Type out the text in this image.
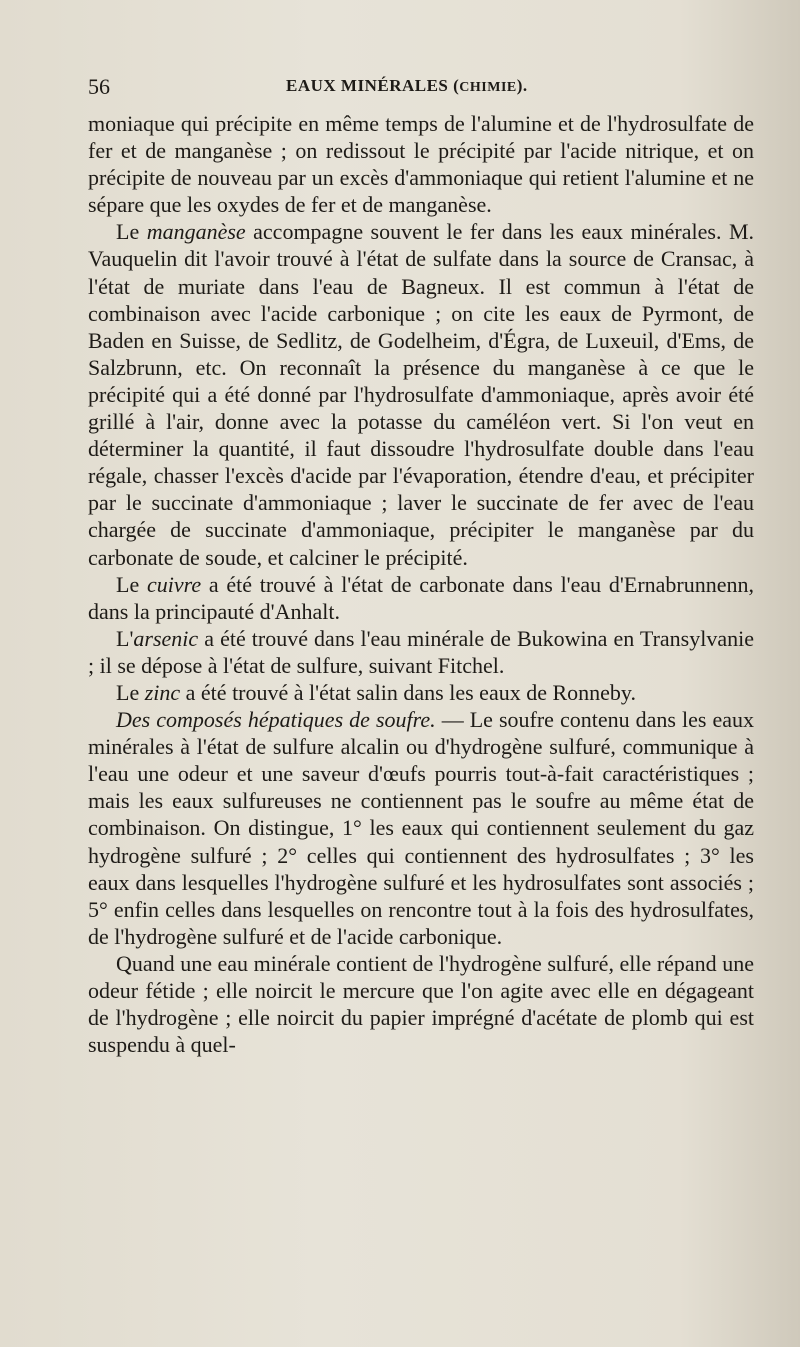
56	EAUX MINÉRALES (CHIMIE).

moniaque qui précipite en même temps de l'alumine et de l'hydrosulfate de fer et de manganèse ; on redissout le précipité par l'acide nitrique, et on précipite de nouveau par un excès d'ammoniaque qui retient l'alumine et ne sépare que les oxydes de fer et de manganèse.

Le manganèse accompagne souvent le fer dans les eaux minérales. M. Vauquelin dit l'avoir trouvé à l'état de sulfate dans la source de Cransac, à l'état de muriate dans l'eau de Bagneux. Il est commun à l'état de combinaison avec l'acide carbonique ; on cite les eaux de Pyrmont, de Baden en Suisse, de Sedlitz, de Godelheim, d'Égra, de Luxeuil, d'Ems, de Salzbrunn, etc. On reconnaît la présence du manganèse à ce que le précipité qui a été donné par l'hydrosulfate d'ammoniaque, après avoir été grillé à l'air, donne avec la potasse du caméléon vert. Si l'on veut en déterminer la quantité, il faut dissoudre l'hydrosulfate double dans l'eau régale, chasser l'excès d'acide par l'évaporation, étendre d'eau, et précipiter par le succinate d'ammoniaque ; laver le succinate de fer avec de l'eau chargée de succinate d'ammoniaque, précipiter le manganèse par du carbonate de soude, et calciner le précipité.

Le cuivre a été trouvé à l'état de carbonate dans l'eau d'Ernabrunnenn, dans la principauté d'Anhalt.

L'arsenic a été trouvé dans l'eau minérale de Bukowina en Transylvanie ; il se dépose à l'état de sulfure, suivant Fitchel.

Le zinc a été trouvé à l'état salin dans les eaux de Ronneby.

Des composés hépatiques de soufre. — Le soufre contenu dans les eaux minérales à l'état de sulfure alcalin ou d'hydrogène sulfuré, communique à l'eau une odeur et une saveur d'œufs pourris tout-à-fait caractéristiques ; mais les eaux sulfureuses ne contiennent pas le soufre au même état de combinaison. On distingue, 1° les eaux qui contiennent seulement du gaz hydrogène sulfuré ; 2° celles qui contiennent des hydrosulfates ; 3° les eaux dans lesquelles l'hydrogène sulfuré et les hydrosulfates sont associés ; 5° enfin celles dans lesquelles on rencontre tout à la fois des hydrosulfates, de l'hydrogène sulfuré et de l'acide carbonique.

Quand une eau minérale contient de l'hydrogène sulfuré, elle répand une odeur fétide ; elle noircit le mercure que l'on agite avec elle en dégageant de l'hydrogène ; elle noircit du papier imprégné d'acétate de plomb qui est suspendu à quel-
